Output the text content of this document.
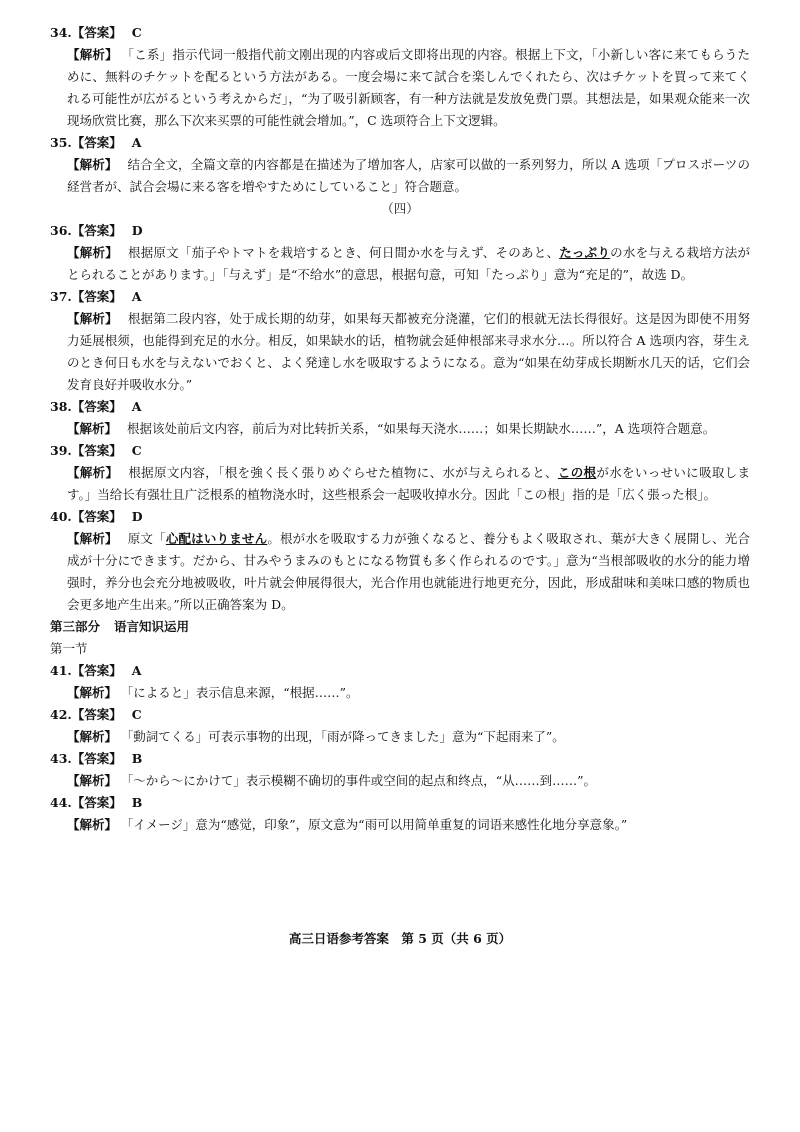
34.【答案】 C
【解析】 「こ系」指示代词一般指代前文刚出现的内容或后文即将出现的内容。根据上下文，「小新しい客に来てもらうために、無料のチケットを配るという方法がある。一度会場に来て試合を楽しんでくれたら、次はチケットを買って来てくれる可能性が広がるという考えからだ」，“为了吸引新顾客，有一种方法就是发放免费门票。其想法是，如果观众能来一次现场欣赏比赛，那么下次来买票的可能性就会增加。”，C 选项符合上下文逻辑。
35.【答案】 A
【解析】 结合全文，全篇文章的内容都是在描述为了增加客人，店家可以做的一系列努力，所以 A 选项「プロスポーツの経営者が、試合会場に来る客を増やすためにしていること」符合题意。
（四）
36.【答案】 D
【解析】 根据原文「茄子やトマトを栽培するとき、何日間か水を与えず、そのあと、たっぷりの水を与える栽培方法がとられることがあります。」「与えず」是“不给水”的意思，根据句意，可知「たっぷり」意为“充足的”，故选 D。
37.【答案】 A
【解析】 根据第二段内容，处于成长期的幼芽，如果每天都被充分浇灌，它们的根就无法长得很好。这是因为即使不用努力延展根须，也能得到充足的水分。相反，如果缺水的话，植物就会延伸根部来寻求水分…。所以符合 A 选项内容，芽生えのとき何日も水を与えないでおくと、よく発達し水を吸取するようになる。意为“如果在幼芽成长期断水几天的话，它们会发育良好并吸收水分。”
38.【答案】 A
【解析】 根据该处前后文内容，前后为对比转折关系，“如果每天浇水……；如果长期缺水……”，A 选项符合题意。
39.【答案】 C
【解析】 根据原文内容，「根を強く長く張りめぐらせた植物に、水が与えられると、この根が水をいっせいに吸取します。」当给长有强壮且广泛根系的植物浇水时，这些根系会一起吸收掉水分。因此「この根」指的是「広く張った根」。
40.【答案】 D
【解析】 原文「心配はいりません。根が水を吸取する力が強くなると、養分もよく吸取され、葉が大きく展開し、光合成が十分にできます。だから、甘みやうまみのもとになる物質も多く作られるのです。」意为“当根部吸收的水分的能力增强时，养分也会充分地被吸收，叶片就会伸展得很大，光合作用也就能进行地更充分，因此，形成甜味和美味口感的物质也会更多地产生出来。”所以正确答案为 D。
第三部分 语言知识运用
第一节
41.【答案】 A
【解析】 「によると」表示信息来源，“根据……”。
42.【答案】 C
【解析】 「動詞てくる」可表示事物的出现，「雨が降ってきました」意为“下起雨来了”。
43.【答案】 B
【解析】 「～から～にかけて」表示模糊不确切的事件或空间的起点和终点，“从……到……”。
44.【答案】 B
【解析】 「イメージ」意为“感觉，印象”，原文意为“雨可以用简单重复的词语来感性化地分享意象。”
高三日语参考答案　第 5 页（共 6 页）
